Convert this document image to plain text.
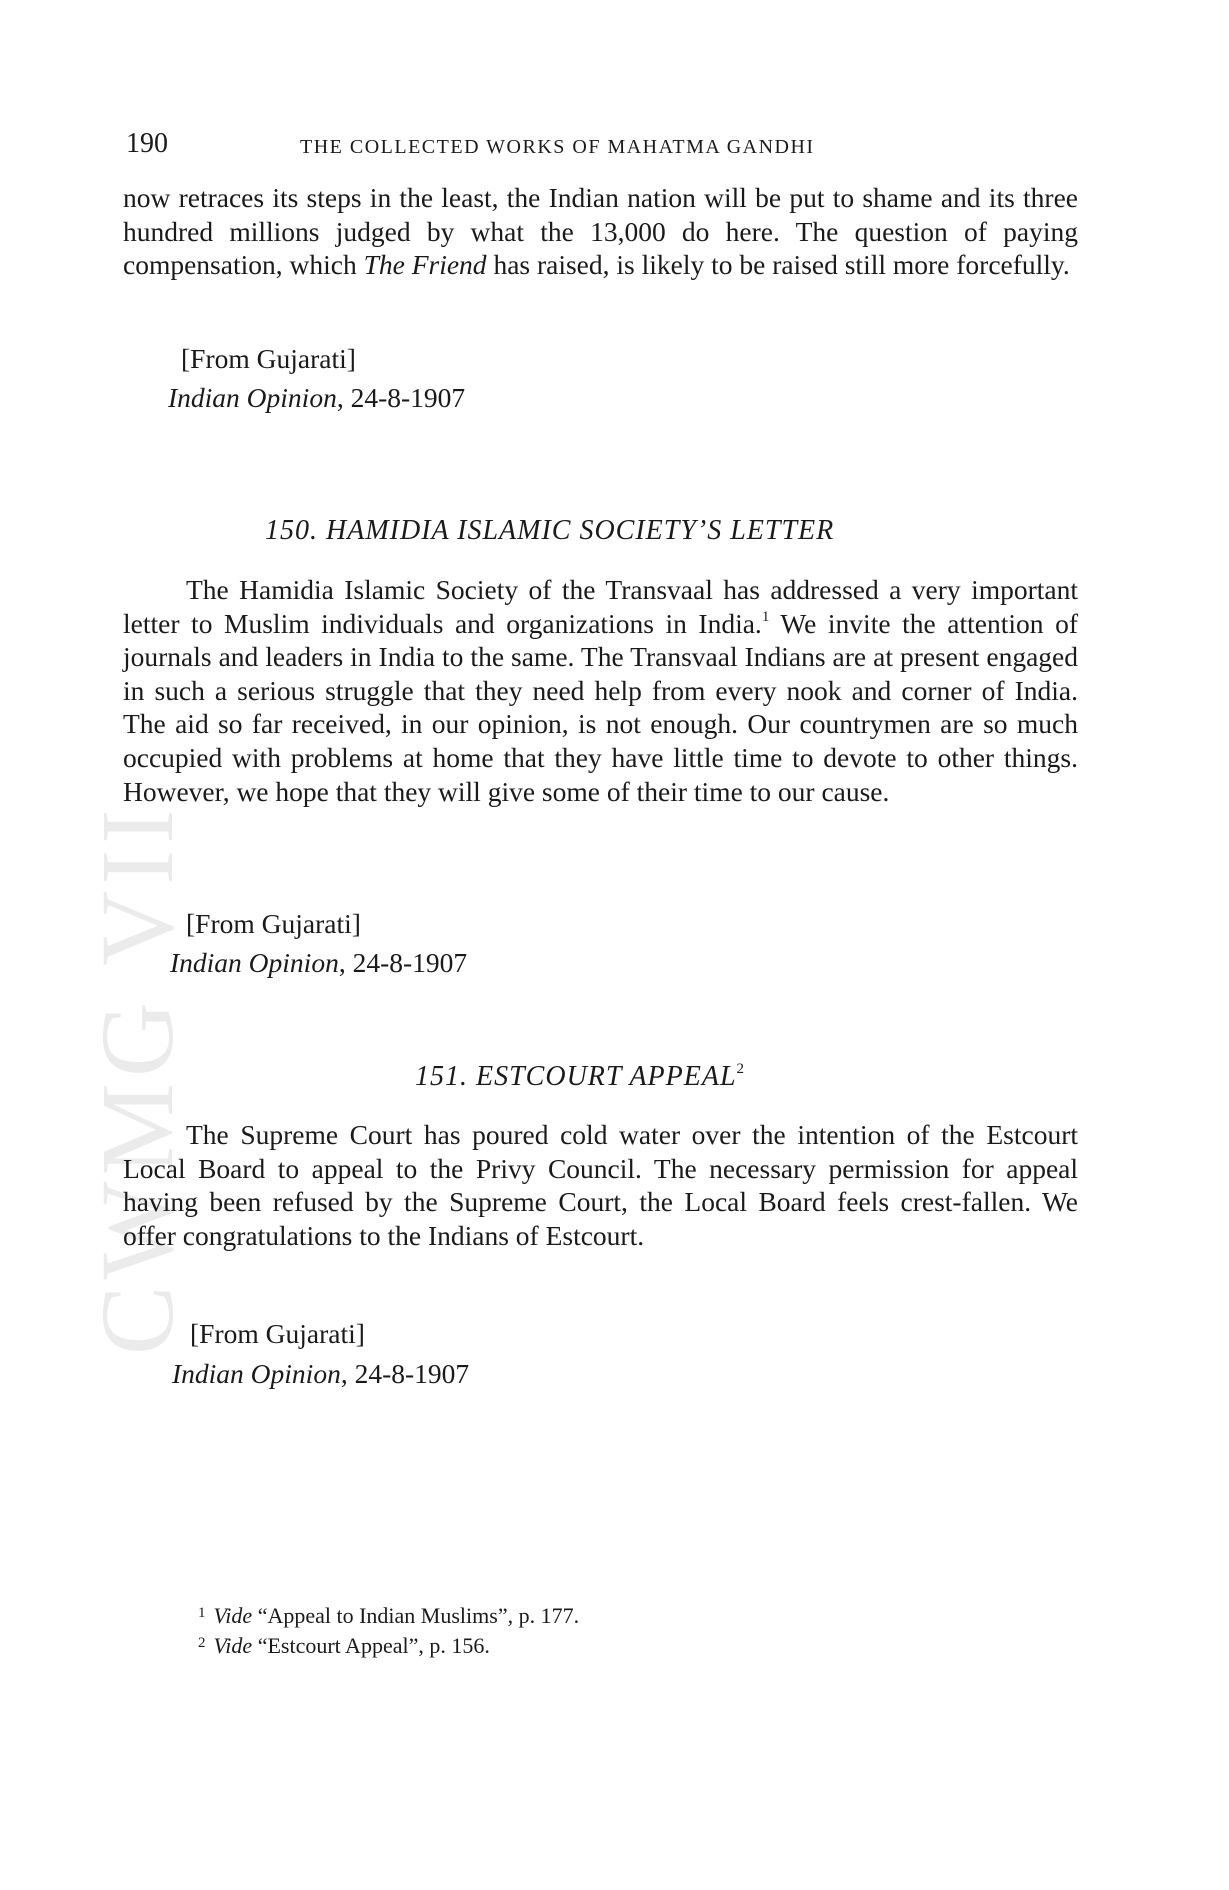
CWMG VII
190	THE COLLECTED WORKS OF MAHATMA GANDHI

now retraces its steps in the least, the Indian nation will be put to shame and its three hundred millions judged by what the 13,000 do here. The question of paying compensation, which The Friend has raised, is likely to be raised still more forcefully.

[From Gujarati]
Indian Opinion, 24-8-1907
150. HAMIDIA ISLAMIC SOCIETY’S LETTER

The Hamidia Islamic Society of the Transvaal has addressed a very important letter to Muslim individuals and organizations in India.$^1$ We invite the attention of journals and leaders in India to the same. The Transvaal Indians are at present engaged in such a serious struggle that they need help from every nook and corner of India. The aid so far received, in our opinion, is not enough. Our countrymen are so much occupied with problems at home that they have little time to devote to other things. However, we hope that they will give some of their time to our cause.

[From Gujarati]
Indian Opinion, 24-8-1907
151. ESTCOURT APPEAL$^2$

The Supreme Court has poured cold water over the intention of the Estcourt Local Board to appeal to the Privy Council. The necessary permission for appeal having been refused by the Supreme Court, the Local Board feels crest-fallen. We offer congratulations to the Indians of Estcourt.

[From Gujarati]
Indian Opinion, 24-8-1907
$^1$ Vide “Appeal to Indian Muslims”, p. 177.
$^2$ Vide “Estcourt Appeal”, p. 156.
